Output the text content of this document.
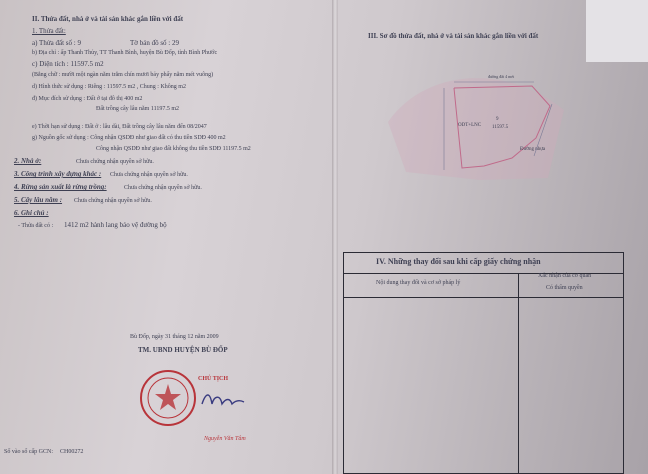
II. Thửa đất, nhà ở và tài sản khác gắn liền với đất
1. Thửa đất:
a) Thửa đất số : 9	Tờ bản đồ số : 29
b) Địa chỉ : ấp Thanh Thủy, TT Thanh Bình, huyện Bù Đốp, tỉnh Bình Phước
c) Diện tích : 11597.5 m2
(Bằng chữ : mười một ngàn năm trăm chín mươi bảy phẩy năm mét vuông)
d) Hình thức sử dụng : Riêng : 11597.5 m2 , Chung : Không m2
đ) Mục đích sử dụng : Đất ở tại đô thị 400 m2
Đất trồng cây lâu năm 11197.5 m2
e) Thời hạn sử dụng : Đất ở : lâu dài, Đất trồng cây lâu năm đến 08/2047
g) Nguồn gốc sử dụng : Công nhận QSDĐ như giao đất có thu tiền SDĐ 400 m2
Công nhận QSDĐ như giao đất không thu tiền SDĐ 11197.5 m2
2. Nhà ở:	Chưa chứng nhận quyền sở hữu.
3. Công trình xây dựng khác : Chưa chứng nhận quyền sở hữu.
4. Rừng sản xuất là rừng trồng:	Chưa chứng nhận quyền sở hữu.
5. Cây lâu năm : Chưa chứng nhận quyền sở hữu.
6. Ghi chú :
- Thửa đất có : 1412 m2 hành lang bảo vệ đường bộ
Bù Đốp, ngày 31 tháng 12 năm 2009
TM. UBND HUYỆN BÙ ĐỐP
CHỦ TỊCH
Nguyễn Văn Tâm
Số vào sổ cấp GCN: CH00272
III. Sơ đồ thửa đất, nhà ở và tài sản khác gắn liền với đất
đường đất 4 mét
Đường nhựa
ODT+LNC
9
11597.5
IV. Những thay đổi sau khi cấp giấy chứng nhận
Nội dung thay đổi và cơ sở pháp lý
Xác nhận của cơ quan
Có thẩm quyền
